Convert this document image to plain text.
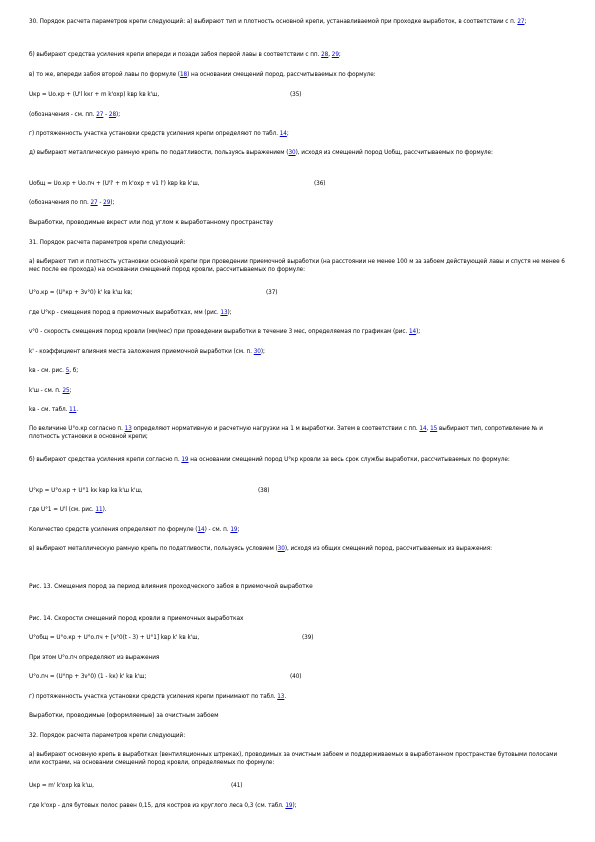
30. Порядок расчета параметров крепи следующий: а) выбирают тип и плотность основной крепи, устанавливаемой при проходке выработок, в соответствии с п. 27;
б) выбирают средства усиления крепи впереди и позади забоя первой лавы в соответствии с пп. 28, 29;
в) то же, впереди забоя второй лавы по формуле (18) на основании смещений пород, рассчитываемых по формуле:
Uкр = Uо.кр + (U'l kкr + m k'охр) kвр kв k'ш,	(35)
(обозначения - см. пп. 27 - 28);
г) протяженность участка установки средств усиления крепи определяют по табл. 14;
д) выбирают металлическую рамную крепь по податливости, пользуясь выражением (30), исходя из смещений пород Uобщ, рассчитываемых по формуле:
Uобщ = Uо.кр + Uо.пч + (U'l' + m k'охр + ν1 l') kвр kв k'ш,	(36)
(обозначения по пп. 27 - 29);
Выработки, проводимые вкрест или под углом к выработанному пространству
31. Порядок расчета параметров крепи следующий:
а) выбирают тип и плотность установки основной крепи при проведении приемочной выработки (на расстоянии не менее 100 м за забоем действующей лавы и спустя не менее 6 мес после ее прохода) на основании смещений пород кровли, рассчитываемых по формуле:
U°о.кр = (U°кр + 3ν°0) k' kв k'ш kв;	(37)
где U°кр - смещения пород в приемочных выработках, мм (рис. 13);
ν°0 - скорость смещения пород кровли (мм/мес) при проведении выработки в течение 3 мес, определяемая по графикам (рис. 14);
k' - коэффициент влияния места заложения приемочной выработки (см. п. 30);
kв - см. рис. 5, б;
k'ш - см. п. 25;
kв - см. табл. 11.
По величине U°о.кр согласно п. 13 определяют нормативную и расчетную нагрузки на 1 м выработки. Затем в соответствии с пп. 14, 15 выбирают тип, сопротивление № и плотность установки в основной крепи;
б) выбирают средства усиления крепи согласно п. 19 на основании смещений пород U°кр кровли за весь срок службы выработки, рассчитываемых по формуле:
U°кр = U°о.кр + U°1 kк kвр kв k'ш k'ш,	(38)
где U°1 = U'l (см. рис. 11).
Количество средств усиления определяют по формуле (14) - см. п. 19;
в) выбирают металлическую рамную крепь по податливости, пользуясь условием (30), исходя из общих смещений пород, рассчитываемых из выражения:
Рис. 13. Смещения пород за период влияния проходческого забоя в приемочной выработке
Рис. 14. Скорости смещений пород кровли в приемочных выработках
U°общ = U°о.кр + U°о.пч + [ν°0(t - 3) + U°1] kвр k' kв k'ш,	(39)
При этом U°о.пч определяют из выражения
U°о.пч = (U°пр + 3ν°0) (1 - kк) k' kв k'ш;	(40)
г) протяженность участка установки средств усиления крепи принимают по табл. 13.
Выработки, проводимые (оформляемые) за очистным забоем
32. Порядок расчета параметров крепи следующий:
а) выбирают основную крепь в выработках (вентиляционных штреках), проводимых за очистным забоем и поддерживаемых в выработанном пространстве бутовыми полосами или кострами, на основании смещений пород кровли, определяемых по формуле:
Uкр = m' k'охр kв k'ш,	(41)
где k'охр - для бутовых полос равен 0,15, для костров из круглого леса 0,3 (см. табл. 19);
